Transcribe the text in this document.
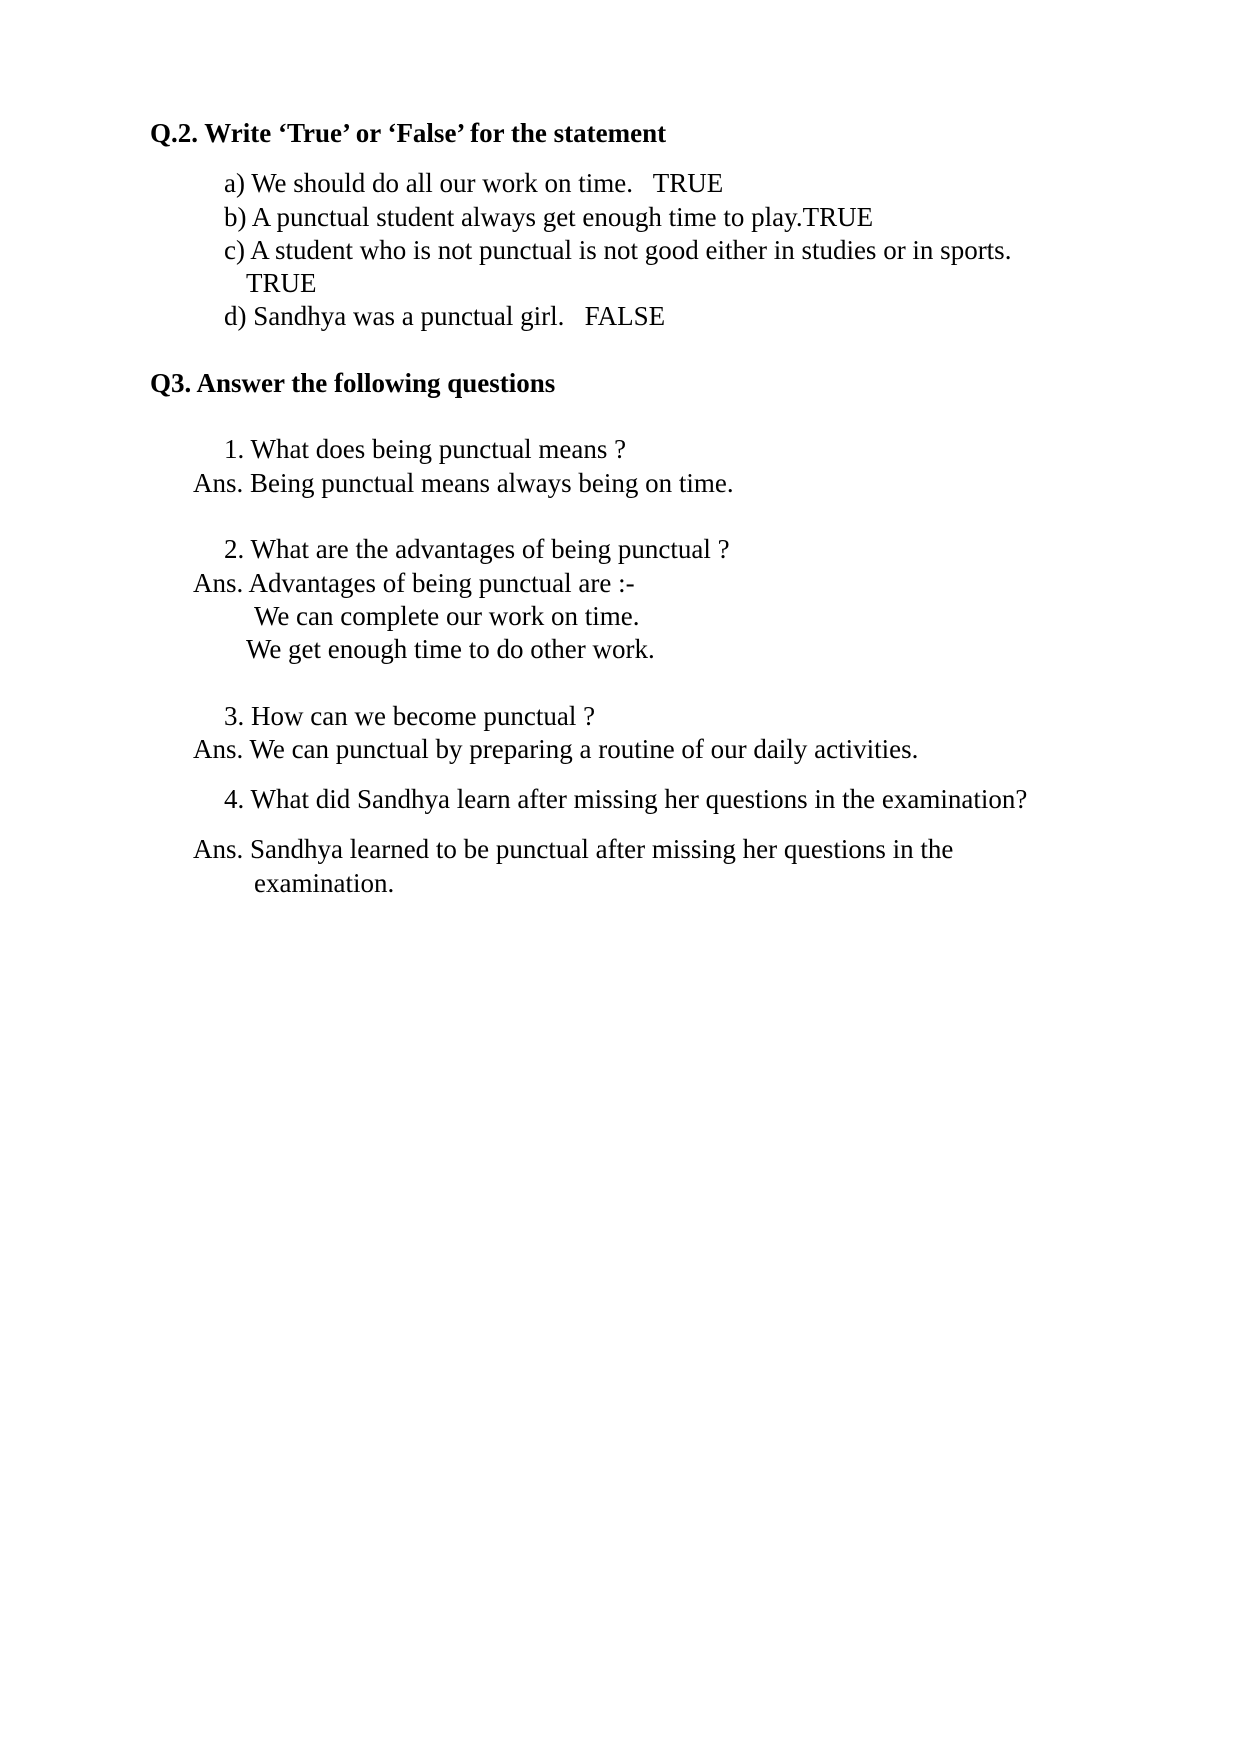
Q.2. Write ‘True’ or ‘False’ for the statement
a) We should do all our work on time.   TRUE
b) A punctual student always get enough time to play.TRUE
c) A student who is not punctual is not good either in studies or in sports.
TRUE
d) Sandhya was a punctual girl.   FALSE
Q3. Answer the following questions
1. What does being punctual means ?
Ans. Being punctual means always being on time.
2. What are the advantages of being punctual ?
Ans. Advantages of being punctual are :-
We can complete our work on time.
We get enough time to do other work.
3. How can we become punctual ?
Ans. We can punctual by preparing a routine of our daily activities.
4. What did Sandhya learn after missing her questions in the examination?
Ans. Sandhya learned to be punctual after missing her questions in the
examination.
